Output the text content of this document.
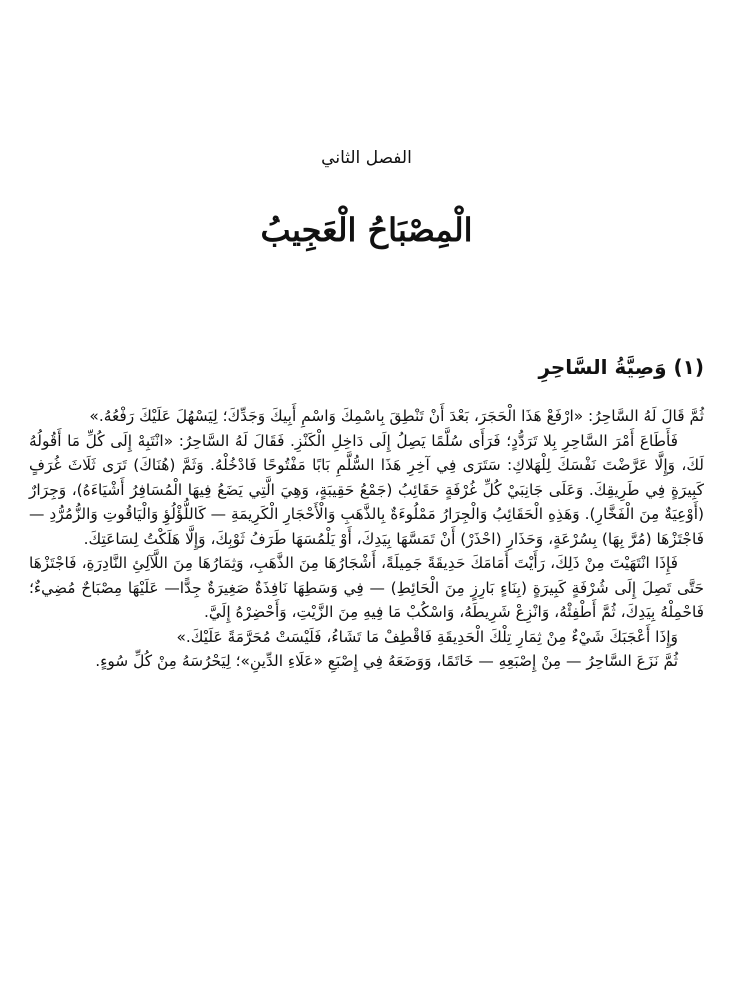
الفصل الثاني
الْمِصْبَاحُ الْعَجِيبُ
(١) وَصِيَّةُ السَّاحِرِ

ثُمَّ قَالَ لَهُ السَّاحِرُ: «ارْفَعْ هَذَا الْحَجَرَ، بَعْدَ أَنْ تَنْطِقَ بِاسْمِكَ وَاسْمِ أَبِيكَ وَجَدِّكَ؛ لِيَسْهُلَ عَلَيْكَ رَفْعُهُ.»

فَأَطَاعَ أَمْرَ السَّاحِرِ بِلا تَرَدُّدٍ؛ فَرَأَى سُلَّمًا يَصِلُ إِلَى دَاخِلِ الْكَنْزِ. فَقَالَ لَهُ السَّاحِرُ: «انْتَبِهْ إِلَى كُلِّ مَا أَقُولُهُ لَكَ، وَإِلَّا عَرَّضْتَ نَفْسَكَ لِلْهَلاكِ: سَتَرَى فِي آخِرِ هَذَا السُّلَّمِ بَابًا مَفْتُوحًا فَادْخُلْهُ. وَثَمَّ (هُنَاكَ) تَرَى ثَلَاثَ غُرَفٍ كَبِيرَةٍ فِي طَرِيقِكَ. وَعَلَى جَانِبَيْ كُلِّ غُرْفَةٍ حَقَائِبُ (جَمْعُ حَقِيبَةٍ، وَهِيَ الَّتِي يَضَعُ فِيهَا الْمُسَافِرُ أَشْيَاءَهُ)، وَجِرَارٌ (أَوْعِيَةٌ مِنَ الْفَخَّارِ). وَهَذِهِ الْحَقَائِبُ وَالْجِرَارُ مَمْلُوءَةٌ بِالذَّهَبِ وَالْأَحْجَارِ الْكَرِيمَةِ — كَاللُّؤْلُؤِ وَالْيَاقُوتِ وَالزُّمُرُّدِ — فَاجْتَزْهَا (مُرَّ بِهَا) بِسُرْعَةٍ، وَحَذَارِ (احْذَرْ) أَنْ تَمَسَّهَا بِيَدِكَ، أَوْ يَلْمُسَهَا طَرَفُ ثَوْبِكَ، وَإِلَّا هَلَكْتُ لِسَاعَتِكَ.

فَإِذَا انْتَهَيْتَ مِنْ ذَلِكَ، رَأَيْتَ أَمَامَكَ حَدِيقَةً جَمِيلَةً، أَشْجَارُهَا مِنَ الذَّهَبِ، وَثِمَارُهَا مِنَ اللَّآلِئِ النَّادِرَةِ، فَاجْتَزْهَا حَتَّى تَصِلَ إِلَى شُرْفَةٍ كَبِيرَةٍ (بِنَاءٍ بَارِزٍ مِنَ الْحَائِطِ) — فِي وَسَطِهَا نَافِذَةٌ صَغِيرَةٌ جِدًّا— عَلَيْهَا مِصْبَاحٌ مُضِيءٌ؛ فَاحْمِلْهُ بِيَدِكَ، ثُمَّ أَطْفِئْهُ، وَانْزِعْ شَرِيطَهُ، وَاسْكُبْ مَا فِيهِ مِنَ الزَّيْتِ، وَأَحْضِرْهُ إِلَيَّ.

وَإِذَا أَعْجَبَكَ شَيْءٌ مِنْ ثِمَارِ تِلْكَ الْحَدِيقَةِ فَاقْطِفْ مَا تَشَاءُ، فَلَيْسَتْ مُحَرَّمَةً عَلَيْكَ.»

ثُمَّ نَزَعَ السَّاحِرُ — مِنْ إِصْبَعِهِ — خَاتَمًا، وَوَضَعَهُ فِي إِصْبَعِ «عَلَاءِ الدِّينِ»؛ لِيَحْرُسَهُ مِنْ كُلِّ سُوءٍ.
